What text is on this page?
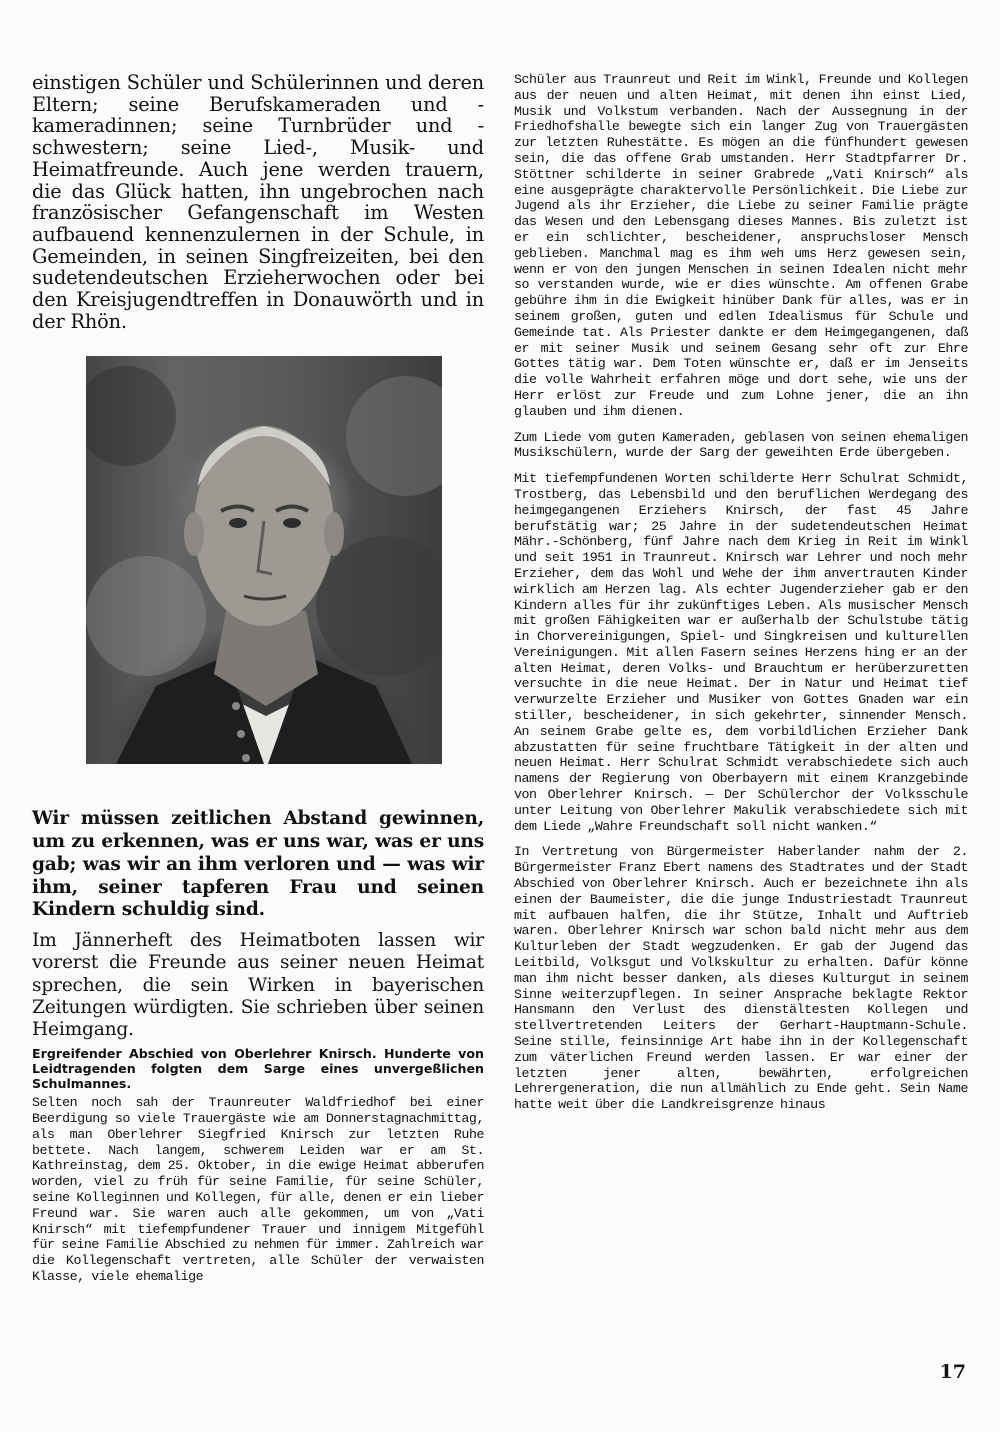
einstigen Schüler und Schülerinnen und deren Eltern; seine Berufskameraden und -kameradinnen; seine Turnbrüder und -schwestern; seine Lied-, Musik- und Heimatfreunde. Auch jene werden trauern, die das Glück hatten, ihn ungebrochen nach französischer Gefangenschaft im Westen aufbauend kennenzulernen in der Schule, in Gemeinden, in seinen Singfreizeiten, bei den sudetendeutschen Erzieherwochen oder bei den Kreisjugendtreffen in Donauwörth und in der Rhön.

Wir müssen zeitlichen Abstand gewinnen, um zu erkennen, was er uns war, was er uns gab; was wir an ihm verloren und — was wir ihm, seiner tapferen Frau und seinen Kindern schuldig sind.

Im Jännerheft des Heimatboten lassen wir vorerst die Freunde aus seiner neuen Heimat sprechen, die sein Wirken in bayerischen Zeitungen würdigten. Sie schrieben über seinen Heimgang.

Ergreifender Abschied von Oberlehrer Knirsch. Hunderte von Leidtragenden folgten dem Sarge eines unvergeßlichen Schulmannes.

Selten noch sah der Traunreuter Waldfriedhof bei einer Beerdigung so viele Trauergäste wie am Donnerstagnachmittag, als man Oberlehrer Siegfried Knirsch zur letzten Ruhe bettete. Nach langem, schwerem Leiden war er am St. Kathreinstag, dem 25. Oktober, in die ewige Heimat abberufen worden, viel zu früh für seine Familie, für seine Schüler, seine Kolleginnen und Kollegen, für alle, denen er ein lieber Freund war. Sie waren auch alle gekommen, um von „Vati Knirsch“ mit tiefempfundener Trauer und innigem Mitgefühl für seine Familie Abschied zu nehmen für immer. Zahlreich war die Kollegenschaft vertreten, alle Schüler der verwaisten Klasse, viele ehemalige

Schüler aus Traunreut und Reit im Winkl, Freunde und Kollegen aus der neuen und alten Heimat, mit denen ihn einst Lied, Musik und Volkstum verbanden. Nach der Aussegnung in der Friedhofshalle bewegte sich ein langer Zug von Trauergästen zur letzten Ruhestätte. Es mögen an die fünfhundert gewesen sein, die das offene Grab umstanden. Herr Stadtpfarrer Dr. Stöttner schilderte in seiner Grabrede „Vati Knirsch“ als eine ausgeprägte charaktervolle Persönlichkeit. Die Liebe zur Jugend als ihr Erzieher, die Liebe zu seiner Familie prägte das Wesen und den Lebensgang dieses Mannes. Bis zuletzt ist er ein schlichter, bescheidener, anspruchsloser Mensch geblieben. Manchmal mag es ihm weh ums Herz gewesen sein, wenn er von den jungen Menschen in seinen Idealen nicht mehr so verstanden wurde, wie er dies wünschte. Am offenen Grabe gebühre ihm in die Ewigkeit hinüber Dank für alles, was er in seinem großen, guten und edlen Idealismus für Schule und Gemeinde tat. Als Priester dankte er dem Heimgegangenen, daß er mit seiner Musik und seinem Gesang sehr oft zur Ehre Gottes tätig war. Dem Toten wünschte er, daß er im Jenseits die volle Wahrheit erfahren möge und dort sehe, wie uns der Herr erlöst zur Freude und zum Lohne jener, die an ihn glauben und ihm dienen.

Zum Liede vom guten Kameraden, geblasen von seinen ehemaligen Musikschülern, wurde der Sarg der geweihten Erde übergeben.

Mit tiefempfundenen Worten schilderte Herr Schulrat Schmidt, Trostberg, das Lebensbild und den beruflichen Werdegang des heimgegangenen Erziehers Knirsch, der fast 45 Jahre berufstätig war; 25 Jahre in der sudetendeutschen Heimat Mähr.-Schönberg, fünf Jahre nach dem Krieg in Reit im Winkl und seit 1951 in Traunreut. Knirsch war Lehrer und noch mehr Erzieher, dem das Wohl und Wehe der ihm anvertrauten Kinder wirklich am Herzen lag. Als echter Jugenderzieher gab er den Kindern alles für ihr zukünftiges Leben. Als musischer Mensch mit großen Fähigkeiten war er außerhalb der Schulstube tätig in Chorvereinigungen, Spiel- und Singkreisen und kulturellen Vereinigungen. Mit allen Fasern seines Herzens hing er an der alten Heimat, deren Volks- und Brauchtum er herüberzuretten versuchte in die neue Heimat. Der in Natur und Heimat tief verwurzelte Erzieher und Musiker von Gottes Gnaden war ein stiller, bescheidener, in sich gekehrter, sinnender Mensch. An seinem Grabe gelte es, dem vorbildlichen Erzieher Dank abzustatten für seine fruchtbare Tätigkeit in der alten und neuen Heimat. Herr Schulrat Schmidt verabschiedete sich auch namens der Regierung von Oberbayern mit einem Kranzgebinde von Oberlehrer Knirsch. — Der Schülerchor der Volksschule unter Leitung von Oberlehrer Makulik verabschiedete sich mit dem Liede „Wahre Freundschaft soll nicht wanken.“

In Vertretung von Bürgermeister Haberlander nahm der 2. Bürgermeister Franz Ebert namens des Stadtrates und der Stadt Abschied von Oberlehrer Knirsch. Auch er bezeichnete ihn als einen der Baumeister, die die junge Industriestadt Traunreut mit aufbauen halfen, die ihr Stütze, Inhalt und Auftrieb waren. Oberlehrer Knirsch war schon bald nicht mehr aus dem Kulturleben der Stadt wegzudenken. Er gab der Jugend das Leitbild, Volksgut und Volkskultur zu erhalten. Dafür könne man ihm nicht besser danken, als dieses Kulturgut in seinem Sinne weiterzupflegen. In seiner Ansprache beklagte Rektor Hansmann den Verlust des dienstältesten Kollegen und stellvertretenden Leiters der Gerhart-Hauptmann-Schule. Seine stille, feinsinnige Art habe ihn in der Kollegenschaft zum väterlichen Freund werden lassen. Er war einer der letzten jener alten, bewährten, erfolgreichen Lehrergeneration, die nun allmählich zu Ende geht. Sein Name hatte weit über die Landkreisgrenze hinaus

17
